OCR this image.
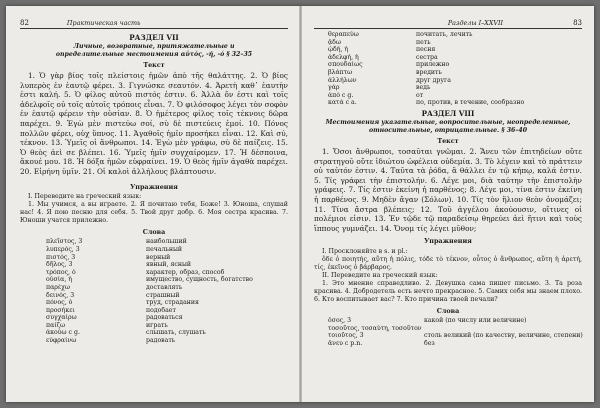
82	Практическая часть
РАЗДЕЛ VII
Личные, возвратные, притяжательные и определительные местоимения αὐτός, -ή, -ό § 32–35
Текст

1. Ὁ γὰρ βίος τοῖς πλείστοις ἡμῶν ἀπὸ τῆς θαλάττης. 2. Ὁ βίος λυπερὸς ἐν ἑαυτῷ φέρει. 3. Γιγνώσκε σεαυτόν. 4. Ἀρετὴ καθ᾽ ἑαυτὴν ἐστι καλή. 5. Ὁ φίλος αὐτοῦ πιστός ἐστιν. 6. Ἀλλὰ ὄν ἐστι καὶ τοῖς ἀδελφοῖς οὐ τοῖς αὐτοῖς τρόποις εἶναι. 7. Ὁ φιλόσοφος λέγει τὸν σοφὸν ἐν ἑαυτῷ φέρειν τὴν οὐσίαν. 8. Ὁ ἡμέτερος φίλος τοῖς τέκνοις δῶρα παρέχει. 9. Ἐγὼ μὲν πιστεύω σοί, σὺ δὲ πιστεύεις ἐμοί. 10. Πόνος πολλῶν φέρει, οὐχ ὕπνος. 11. Ἀγαθοῖς ἡμῖν προσήκει εἶναι. 12. Καὶ σύ, τέκνον. 13. Ὑμεῖς οἱ ἄνθρωποι. 14. Ἐγὼ μὲν γράφω, σὺ δὲ παίζεις. 15. Ὁ θεὸς ἀεὶ σε βλέπει. 16. Ὑμεῖς ἡμῖν συγχαίρομεν. 17. Ἡ δέσποινα, ἄκουέ μου. 18. Ἡ δόξα ἡμῶν εὐφραίνει. 19. Ὁ θεὸς ἡμῖν ἀγαθὰ παρέχει. 20. Εἰρήνη ὑμῖν. 21. Οἱ καλοὶ ἀλλήλους βλάπτουσιν.

Упражнения

I. Переведите на греческий язык:

1. Мы учимся, а вы играете. 2. Я почитаю тебя, Боже! 3. Юноша, слушай нас! 4. Я пою песню для себя. 5. Твой друг добр. 6. Моя сестра красива. 7. Юноши учатся прилежно.

Слова
πλεῖστος, 3	наибольший
λυπερός, 3	печальный
πιστός, 3	верный
δῆλος, 3	явный, ясный
τρόπος, ὁ	характер, образ, способ
οὐσία, ἡ	имущество, сущность, богатство
παρέχω	доставлять
δεινός, 3	страшный
πόνος, ὁ	труд, страдания
προσήκει	подобает
συγχαίρω	радоваться
παίζω	играть
ἀκούω c g.	слышать, слушать
εὐφραίνω	радовать
Разделы I–XXVII	83
θεραπεύω	почитать, лечить
ᾄδω	петь
ᾠδή, ἡ	песня
ἀδελφή, ἡ	сестра
σπουδαίως	прилежно
βλάπτω	вредить
ἀλλήλων	друг друга
γάρ	ведь
ἀπό c g.	от
κατά c a.	по, против, в течение, сообразно
РАЗДЕЛ VIII
Местоимения указательные, вопросительные, неопределенные, относительные, отрицательные. § 36–40
Текст

1. Ὅσοι ἄνθρωποι, τοσαῦται γνῶμαι. 2. Ἄνευ τῶν ἐπιτηδείων οὔτε στρατηγοῦ οὔτε ἰδιώτου ὠφέλεια οὐδεμία. 3. Τὸ λέγειν καὶ τὸ πράττειν οὐ ταὐτόν ἐστιν. 4. Ταῦτα τὰ ῥόδα, ἃ θάλλει ἐν τῷ κήπῳ, καλά ἐστιν. 5. Τίς γράφει τὴν ἐπιστολήν. 6. Λέγε μοι, διὰ ταύτην τὴν ἐπιστολὴν γράφεις. 7. Τίς ἐστιν ἐκείνη ἡ παρθένος; 8. Λέγε μοι, τίνα ἐστιν ἐκείνη ἡ παρθένος. 9. Μηδὲν ἄγαν (Σόλων). 10. Τίς τὸν ἥλιον θεὸν ὀνομάζει; 11. Τίνα ἄστρα βλέπεις; 12. Τοῦ ἀγγέλου ἀκούουσιν, οἵτινες οἱ πολέμιοι εἰσιν. 13. Ἐν τῷδε τῷ παραδείσῳ θηρεύει ἀεὶ ἥτινι καὶ τοὺς ἵππους γυμνάζει. 14. Ὄνομ τίς λέγει μῦθον;

Упражнения

I. Просклоняйте в s. и pl.:

ὅδε ὁ ποιητής, αὕτη ἡ πόλις, τόδε τὸ τέκνον, οὗτος ὁ ἄνθρωπος, αὕτη ἡ ἀρετή, τίς, ἐκεῖνος ὁ βάρβαρος.

II. Переведите на греческий язык:

1. Это мнение справедливо. 2. Девушка сама пишет письмо. 3. Та роза красива. 4. Добродетель есть нечто прекрасное. 5. Самих себя мы знаем плохо. 6. Кто воспитывает вас? 7. Кто причина твоей печали?

Слова
ὅσος, 3	какой (по числу или величине)
τοσοῦτος, τοσαύτη, τοσοῦτον
τοιοῦτος, 3	столь великий (по качеству, величине, степени)
ἄνευ c p.n.	без
